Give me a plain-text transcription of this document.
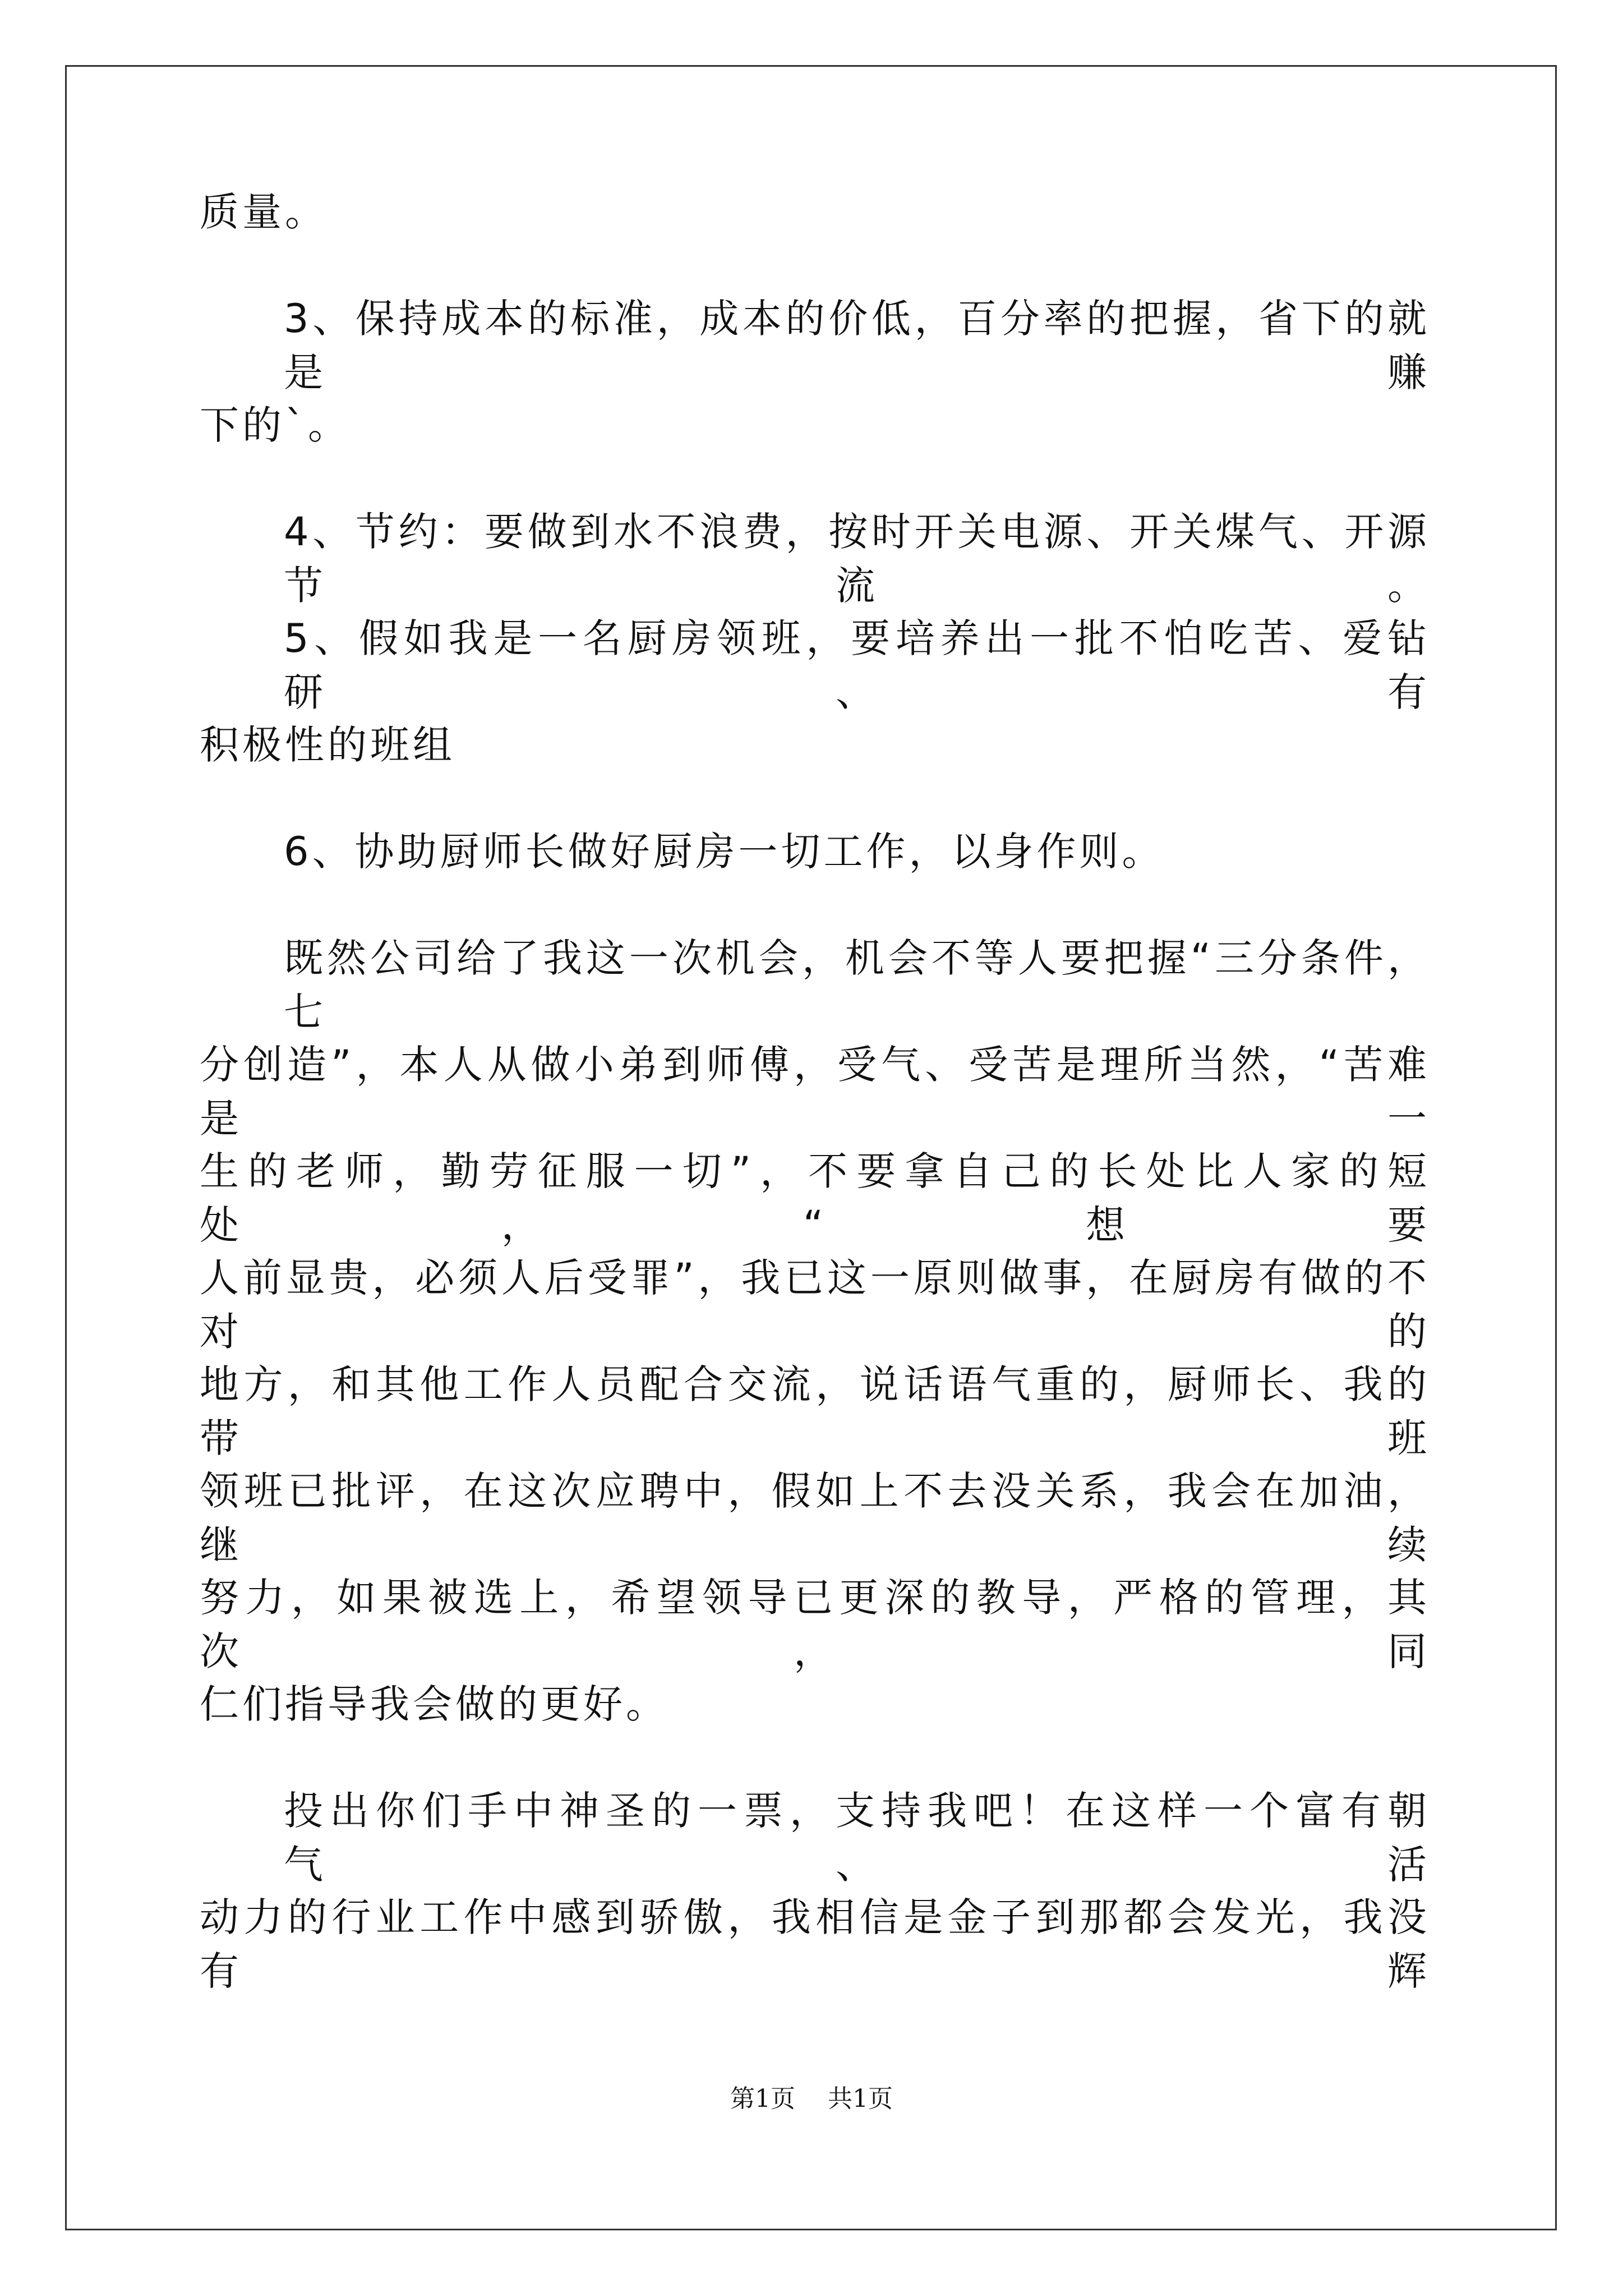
质量。
3、保持成本的标准，成本的价低，百分率的把握，省下的就是赚
下的`。
4、节约：要做到水不浪费，按时开关电源、开关煤气、开源节流。
5、假如我是一名厨房领班，要培养出一批不怕吃苦、爱钻研、有
积极性的班组
6、协助厨师长做好厨房一切工作，以身作则。
既然公司给了我这一次机会，机会不等人要把握“三分条件，七
分创造”，本人从做小弟到师傅，受气、受苦是理所当然，“苦难是一
生的老师，勤劳征服一切”，不要拿自己的长处比人家的短处，“想要
人前显贵，必须人后受罪”，我已这一原则做事，在厨房有做的不对的
地方，和其他工作人员配合交流，说话语气重的，厨师长、我的带班
领班已批评，在这次应聘中，假如上不去没关系，我会在加油，继续
努力，如果被选上，希望领导已更深的教导，严格的管理，其次，同
仁们指导我会做的更好。
投出你们手中神圣的一票，支持我吧！在这样一个富有朝气、活
动力的行业工作中感到骄傲，我相信是金子到那都会发光，我没有辉
第1页 共1页
